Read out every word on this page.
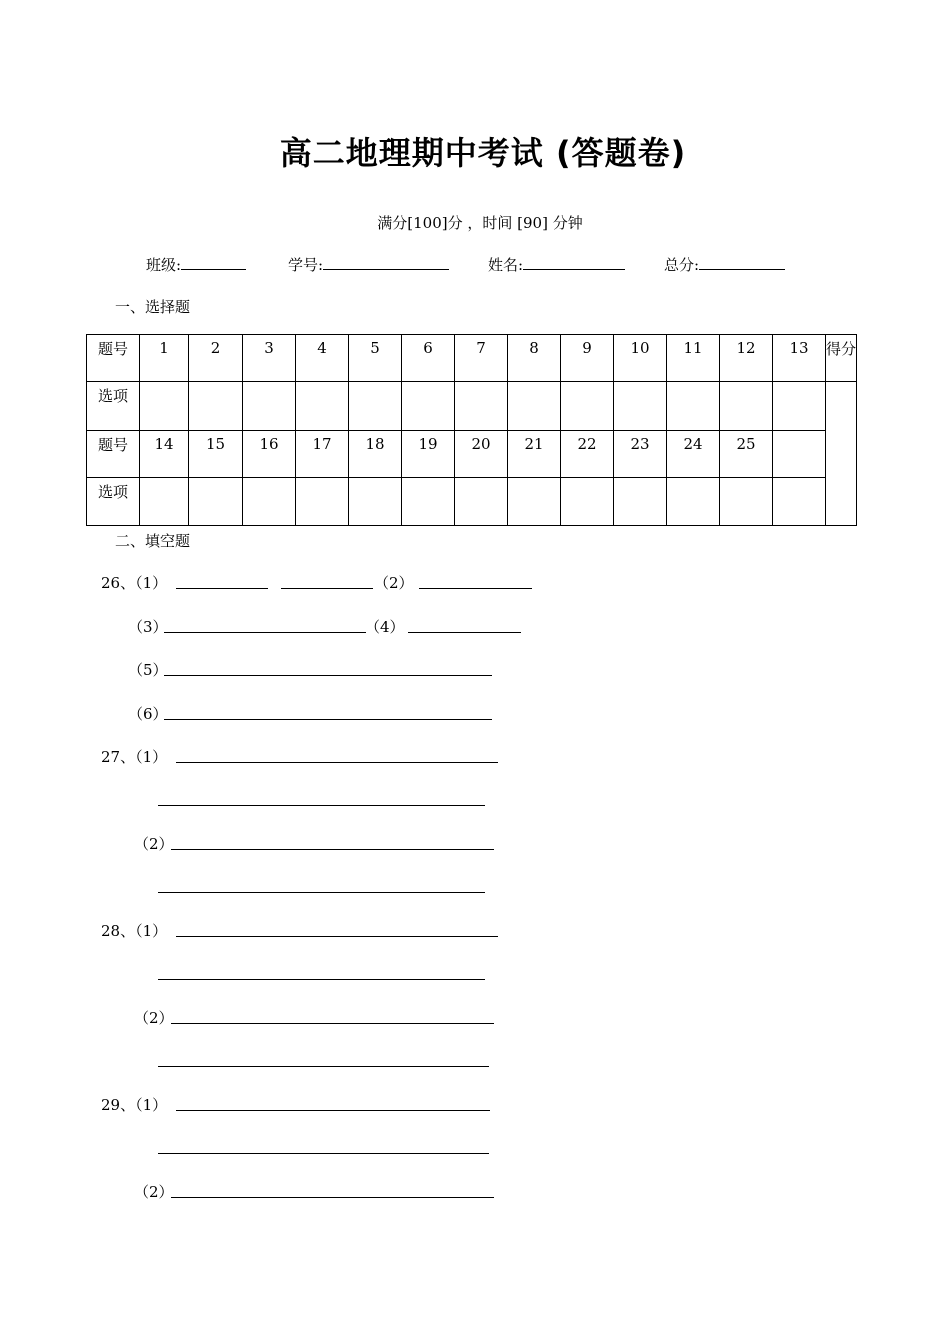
高二地理期中考试 (答题卷)
满分[100]分 ，时间 [90] 分钟
班级:	学号:	姓名:	总分:
一、选择题
题号	1	2	3	4	5	6	7	8	9	10	11	12	13	得分
选项														
题号	14	15	16	17	18	19	20	21	22	23	24	25		
选项														
二、填空题
26、（1）	（2）
（3）	（4）
（5）
（6）
27、（1）
（2）
28、（1）
（2）
29、（1）
（2）
